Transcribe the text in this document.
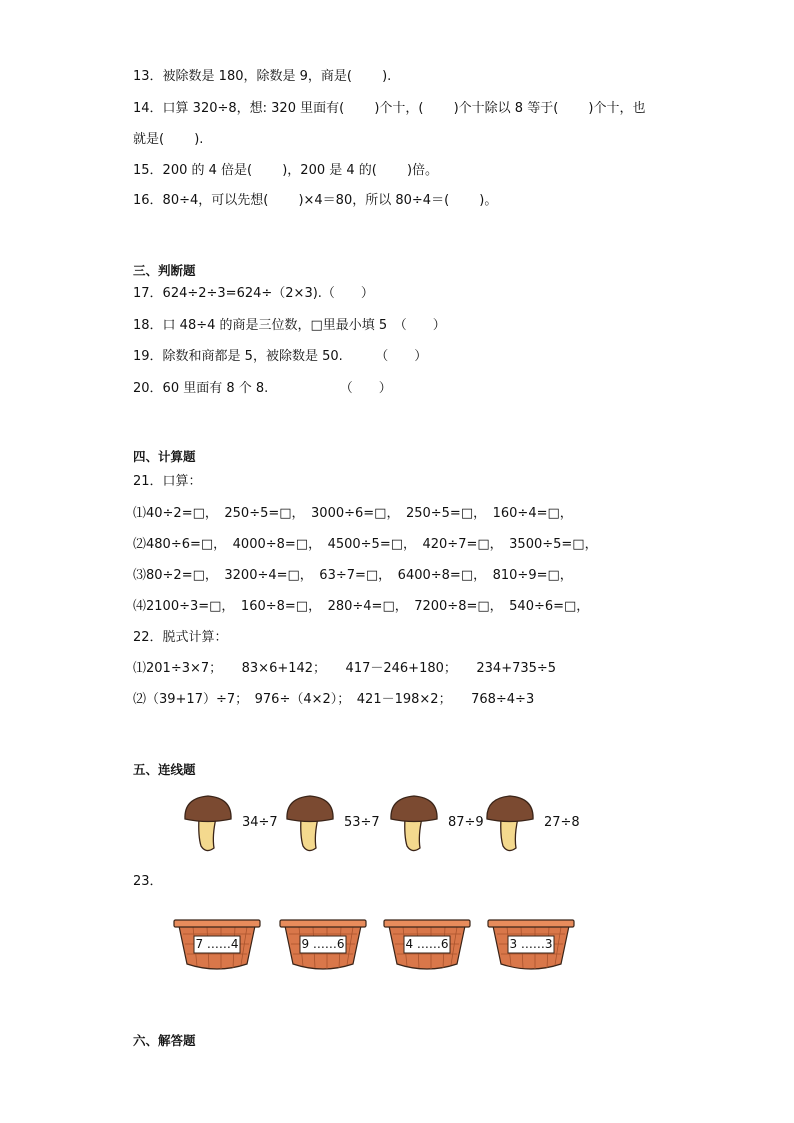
13．被除数是 180，除数是 9，商是(　　 ).
14．口算 320÷8，想: 320 里面有(　　 )个十，(　　 )个十除以 8 等于(　　 )个十，也
就是(　　 ).
15．200 的 4 倍是(　　 )，200 是 4 的(　　 )倍。
16．80÷4，可以先想(　　 )×4＝80，所以 80÷4＝(　　 )。
三、判断题
17．624÷2÷3=624÷（2×3).（　　）
18．口 48÷4 的商是三位数，□里最小填 5　（　　）
19．除数和商都是 5，被除数是 50.　　　（　　）
20．60 里面有 8 个 8.　　　　　　（　　）
四、计算题
21．口算：
⑴40÷2=□，　250÷5=□，　3000÷6=□，　250÷5=□，　160÷4=□，
⑵480÷6=□，　4000÷8=□，　4500÷5=□，　420÷7=□，　3500÷5=□，
⑶80÷2=□，　3200÷4=□，　63÷7=□，　6400÷8=□，　810÷9=□，
⑷2100÷3=□，　160÷8=□，　280÷4=□，　7200÷8=□，　540÷6=□，
22．脱式计算：
⑴201÷3×7；　　83×6+142；　　417－246+180；　　234+735÷5
⑵（39+17）÷7；　976÷（4×2）；　421－198×2；　　768÷4÷3
五、连线题
34÷7	53÷7	87÷9	27÷8
23．
7 ……4	9 ……6	4 ……6	3 ……3
六、解答题
